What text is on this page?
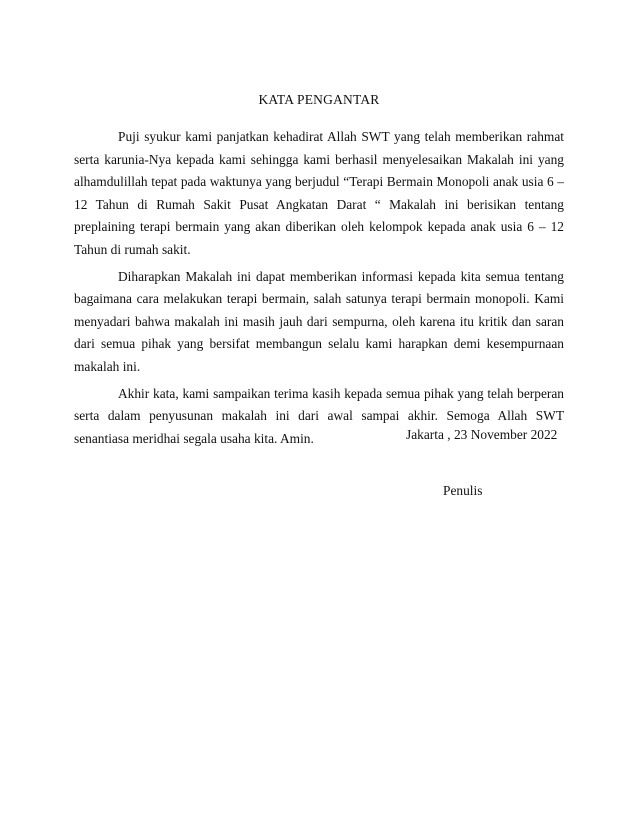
KATA PENGANTAR

Puji syukur kami panjatkan kehadirat Allah SWT yang telah memberikan rahmat serta karunia-Nya kepada kami sehingga kami berhasil menyelesaikan Makalah ini yang alhamdulillah tepat pada waktunya yang berjudul “Terapi Bermain Monopoli anak usia 6 – 12 Tahun di Rumah Sakit Pusat Angkatan Darat “ Makalah ini berisikan tentang preplaining terapi bermain yang akan diberikan oleh kelompok kepada anak usia 6 – 12 Tahun di rumah sakit.

Diharapkan Makalah ini dapat memberikan informasi kepada kita semua tentang bagaimana cara melakukan terapi bermain, salah satunya terapi bermain monopoli. Kami menyadari bahwa makalah ini masih jauh dari sempurna, oleh karena itu kritik dan saran dari semua pihak yang bersifat membangun selalu kami harapkan demi kesempurnaan makalah ini.

Akhir kata, kami sampaikan terima kasih kepada semua pihak yang telah berperan serta dalam penyusunan makalah ini dari awal sampai akhir. Semoga Allah SWT senantiasa meridhai segala usaha kita. Amin.	Jakarta , 23 November 2022
Penulis
